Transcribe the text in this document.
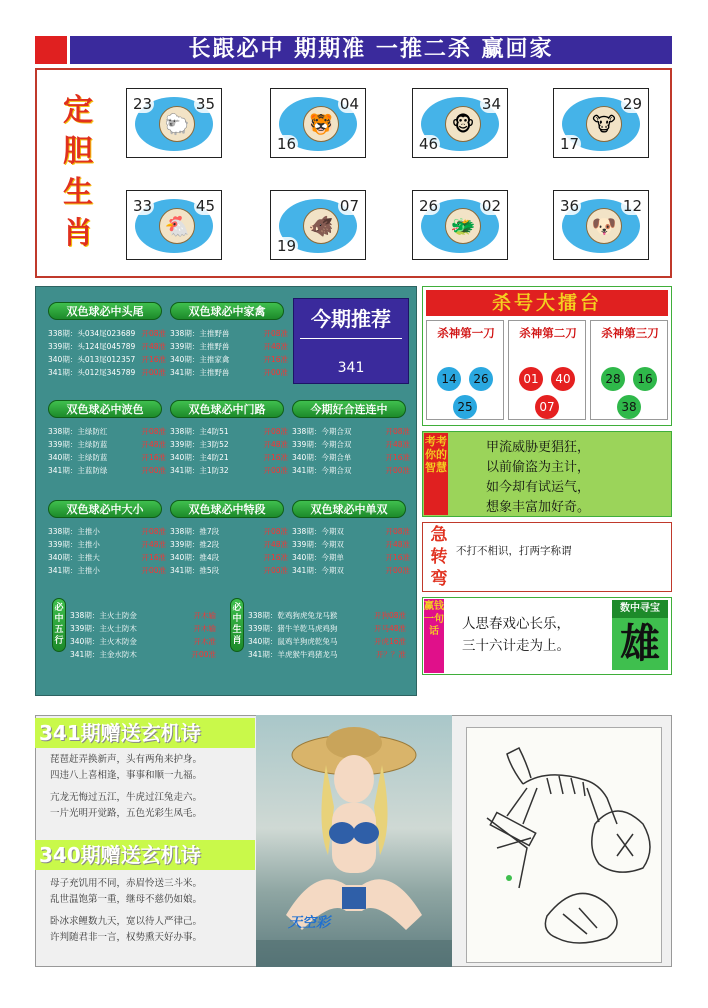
长跟必中 期期准 一推二杀 赢回家
定
胆
生
肖
🐑
23	35
🐯
04
16
🐵
34
46
🐮
29
17
🐔
33	45
🐗
07
19
🐲
26	02
🐶
36	12
双色球必中头尾
338期：头034尾023689 开08准
339期：头124尾045789 开48准
340期：头013尾012357 开16准
341期：头012尾345789 开00准
双色球必中家禽
338期：主推野兽	开08准
339期：主推野兽	开48准
340期：主推家禽	开16准
341期：主推野兽	开00准
双色球必中波色
338期：主绿防红	开08准
339期：主绿防蓝	开48准
340期：主绿防蓝	开16准
341期：主蓝防绿	开00准
双色球必中门路
338期：主4防51	开08准
339期：主3防52	开48准
340期：主4防21	开16准
341期：主1防32	开00准
今期好合连连中
338期：今期合双	开08准
339期：今期合双	开48准
340期：今期合单	开16准
341期：今期合双	开00准
双色球必中大小
338期：主推小	开08准
339期：主推小	开48准
340期：主推大	开16准
341期：主推小	开00准
双色球必中特段
338期：推7段	开08准
339期：推2段	开48准
340期：推4段	开16准
341期：推5段	开00准
双色球必中单双
338期：今期双	开08准
339期：今期双	开48准
340期：今期单	开16准
341期：今期双	开00准
必中五行
338期：主火土防金	开木输
339期：主火土防木	开木输
340期：主火木防金	开木准
341期：主金水防木	开00准
必中生肖
338期：乾鸡狗虎兔龙马猴	开狗08准
339期：猪牛羊乾马虎鸡狗	开马48准
340期：鼠鸡羊狗虎乾兔马	开虎16准
341期：羊虎猴牛鸡猪龙马	开？？准
今期推荐
341
杀号大擂台
杀神第一刀
14	26
25
杀神第二刀
01	40
07
杀神第三刀
28	16
38
考考你的智慧
甲流威胁更猖狂，
以前偷盗为主计，
如今却有试运气，
想象丰富加好奇。
急
转
弯
不打不相识，打两字称谓
赢钱一句话	人思春戏心长乐，
三十六计走为上。
数中寻宝
雄
341期赠送玄机诗
琵琶赶弄换新声，头有两角来护身。
四违八上喜相逢，事事和顺一九福。
亢龙无悔过五江，牛虎过江兔走六。
一片光明开觉路，五色光彩生凤毛。
340期赠送玄机诗
母子充饥用不同，赤眉怜送三斗米。
乱世温饱第一重，继母不慈仍如娘。
卧冰求鲤数九天，宽以待人严律己。
许判随君非一言，权势熏天好办事。
天空彩
